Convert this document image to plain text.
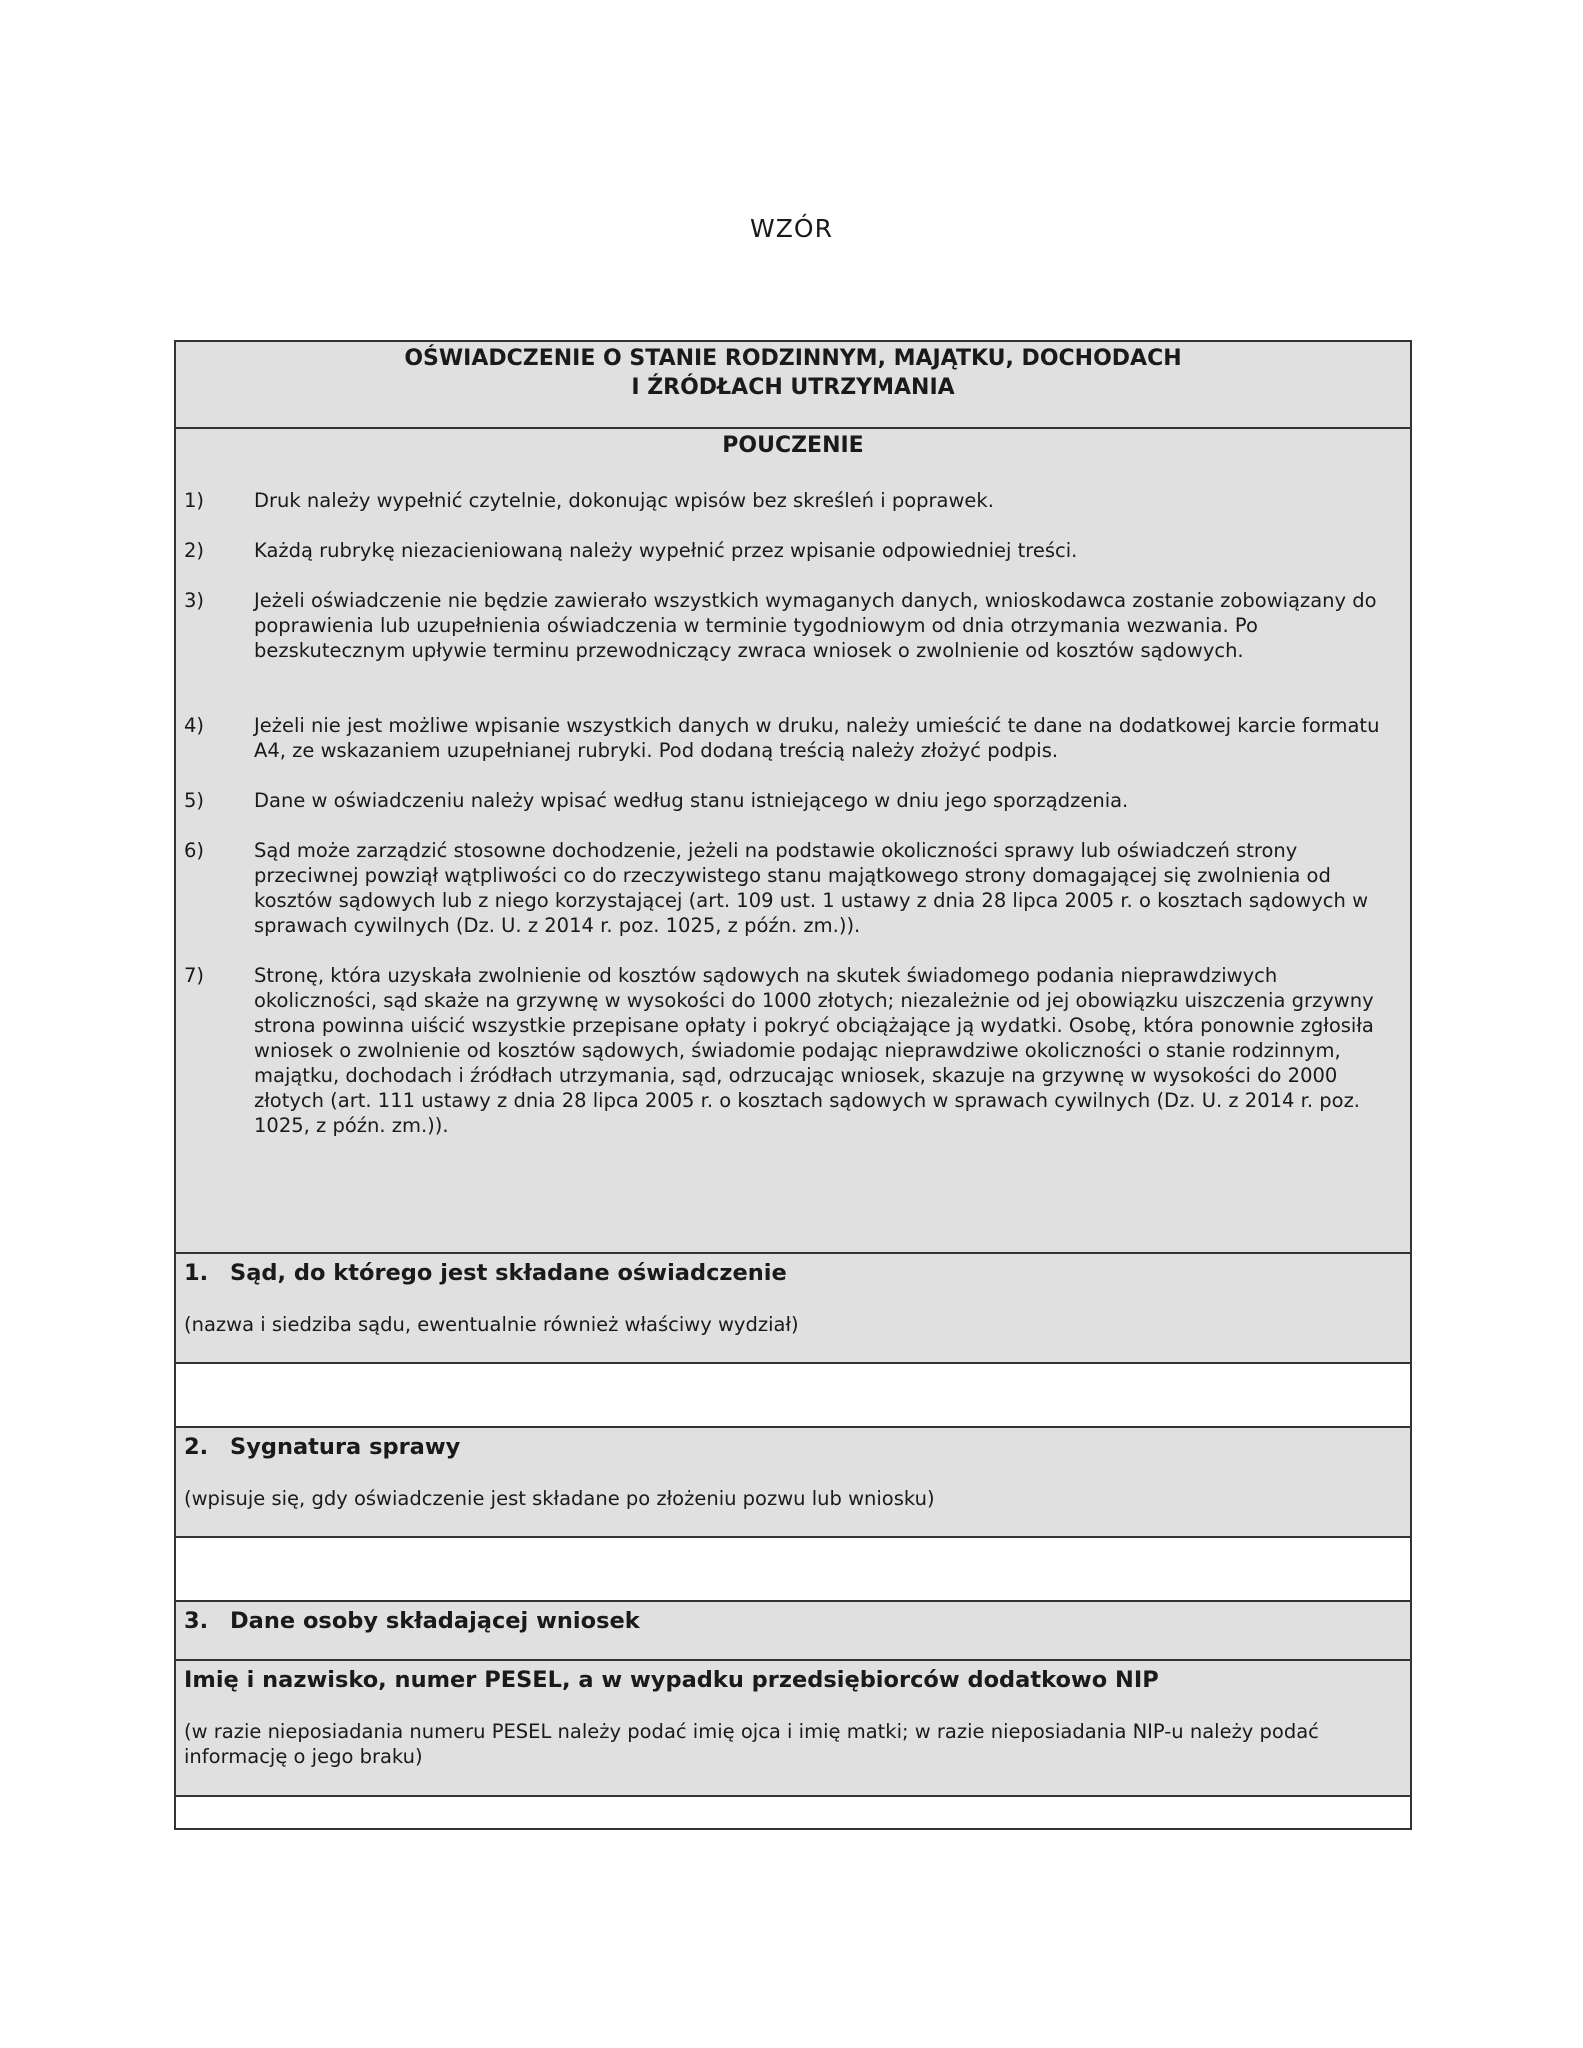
WZÓR
OŚWIADCZENIE O STANIE RODZINNYM, MAJĄTKU, DOCHODACH
I ŹRÓDŁACH UTRZYMANIA
POUCZENIE
1)	Druk należy wypełnić czytelnie, dokonując wpisów bez skreśleń i poprawek.
2)	Każdą rubrykę niezacieniowaną należy wypełnić przez wpisanie odpowiedniej treści.
3)	Jeżeli oświadczenie nie będzie zawierało wszystkich wymaganych danych, wnioskodawca zostanie zobowiązany do poprawienia lub uzupełnienia oświadczenia w terminie tygodniowym od dnia otrzymania wezwania. Po bezskutecznym upływie terminu przewodniczący zwraca wniosek o zwolnienie od kosztów sądowych.
4)	Jeżeli nie jest możliwe wpisanie wszystkich danych w druku, należy umieścić te dane na dodatkowej karcie formatu A4, ze wskazaniem uzupełnianej rubryki. Pod dodaną treścią należy złożyć podpis.
5)	Dane w oświadczeniu należy wpisać według stanu istniejącego w dniu jego sporządzenia.
6)	Sąd może zarządzić stosowne dochodzenie, jeżeli na podstawie okoliczności sprawy lub oświadczeń strony przeciwnej powziął wątpliwości co do rzeczywistego stanu majątkowego strony domagającej się zwolnienia od kosztów sądowych lub z niego korzystającej (art. 109 ust. 1 ustawy z dnia 28 lipca 2005 r. o kosztach sądowych w sprawach cywilnych (Dz. U. z 2014 r. poz. 1025, z późn. zm.)).
7)	Stronę, która uzyskała zwolnienie od kosztów sądowych na skutek świadomego podania nieprawdziwych okoliczności, sąd skaże na grzywnę w wysokości do 1000 złotych; niezależnie od jej obowiązku uiszczenia grzywny strona powinna uiścić wszystkie przepisane opłaty i pokryć obciążające ją wydatki. Osobę, która ponownie zgłosiła wniosek o zwolnienie od kosztów sądowych, świadomie podając nieprawdziwe okoliczności o stanie rodzinnym, majątku, dochodach i źródłach utrzymania, sąd, odrzucając wniosek, skazuje na grzywnę w wysokości do 2000 złotych (art. 111 ustawy z dnia 28 lipca 2005 r. o kosztach sądowych w sprawach cywilnych (Dz. U. z 2014 r. poz. 1025, z późn. zm.)).
1. Sąd, do którego jest składane oświadczenie
(nazwa i siedziba sądu, ewentualnie również właściwy wydział)
2. Sygnatura sprawy
(wpisuje się, gdy oświadczenie jest składane po złożeniu pozwu lub wniosku)
3. Dane osoby składającej wniosek
Imię i nazwisko, numer PESEL, a w wypadku przedsiębiorców dodatkowo NIP
(w razie nieposiadania numeru PESEL należy podać imię ojca i imię matki; w razie nieposiadania NIP-u należy podać informację o jego braku)
